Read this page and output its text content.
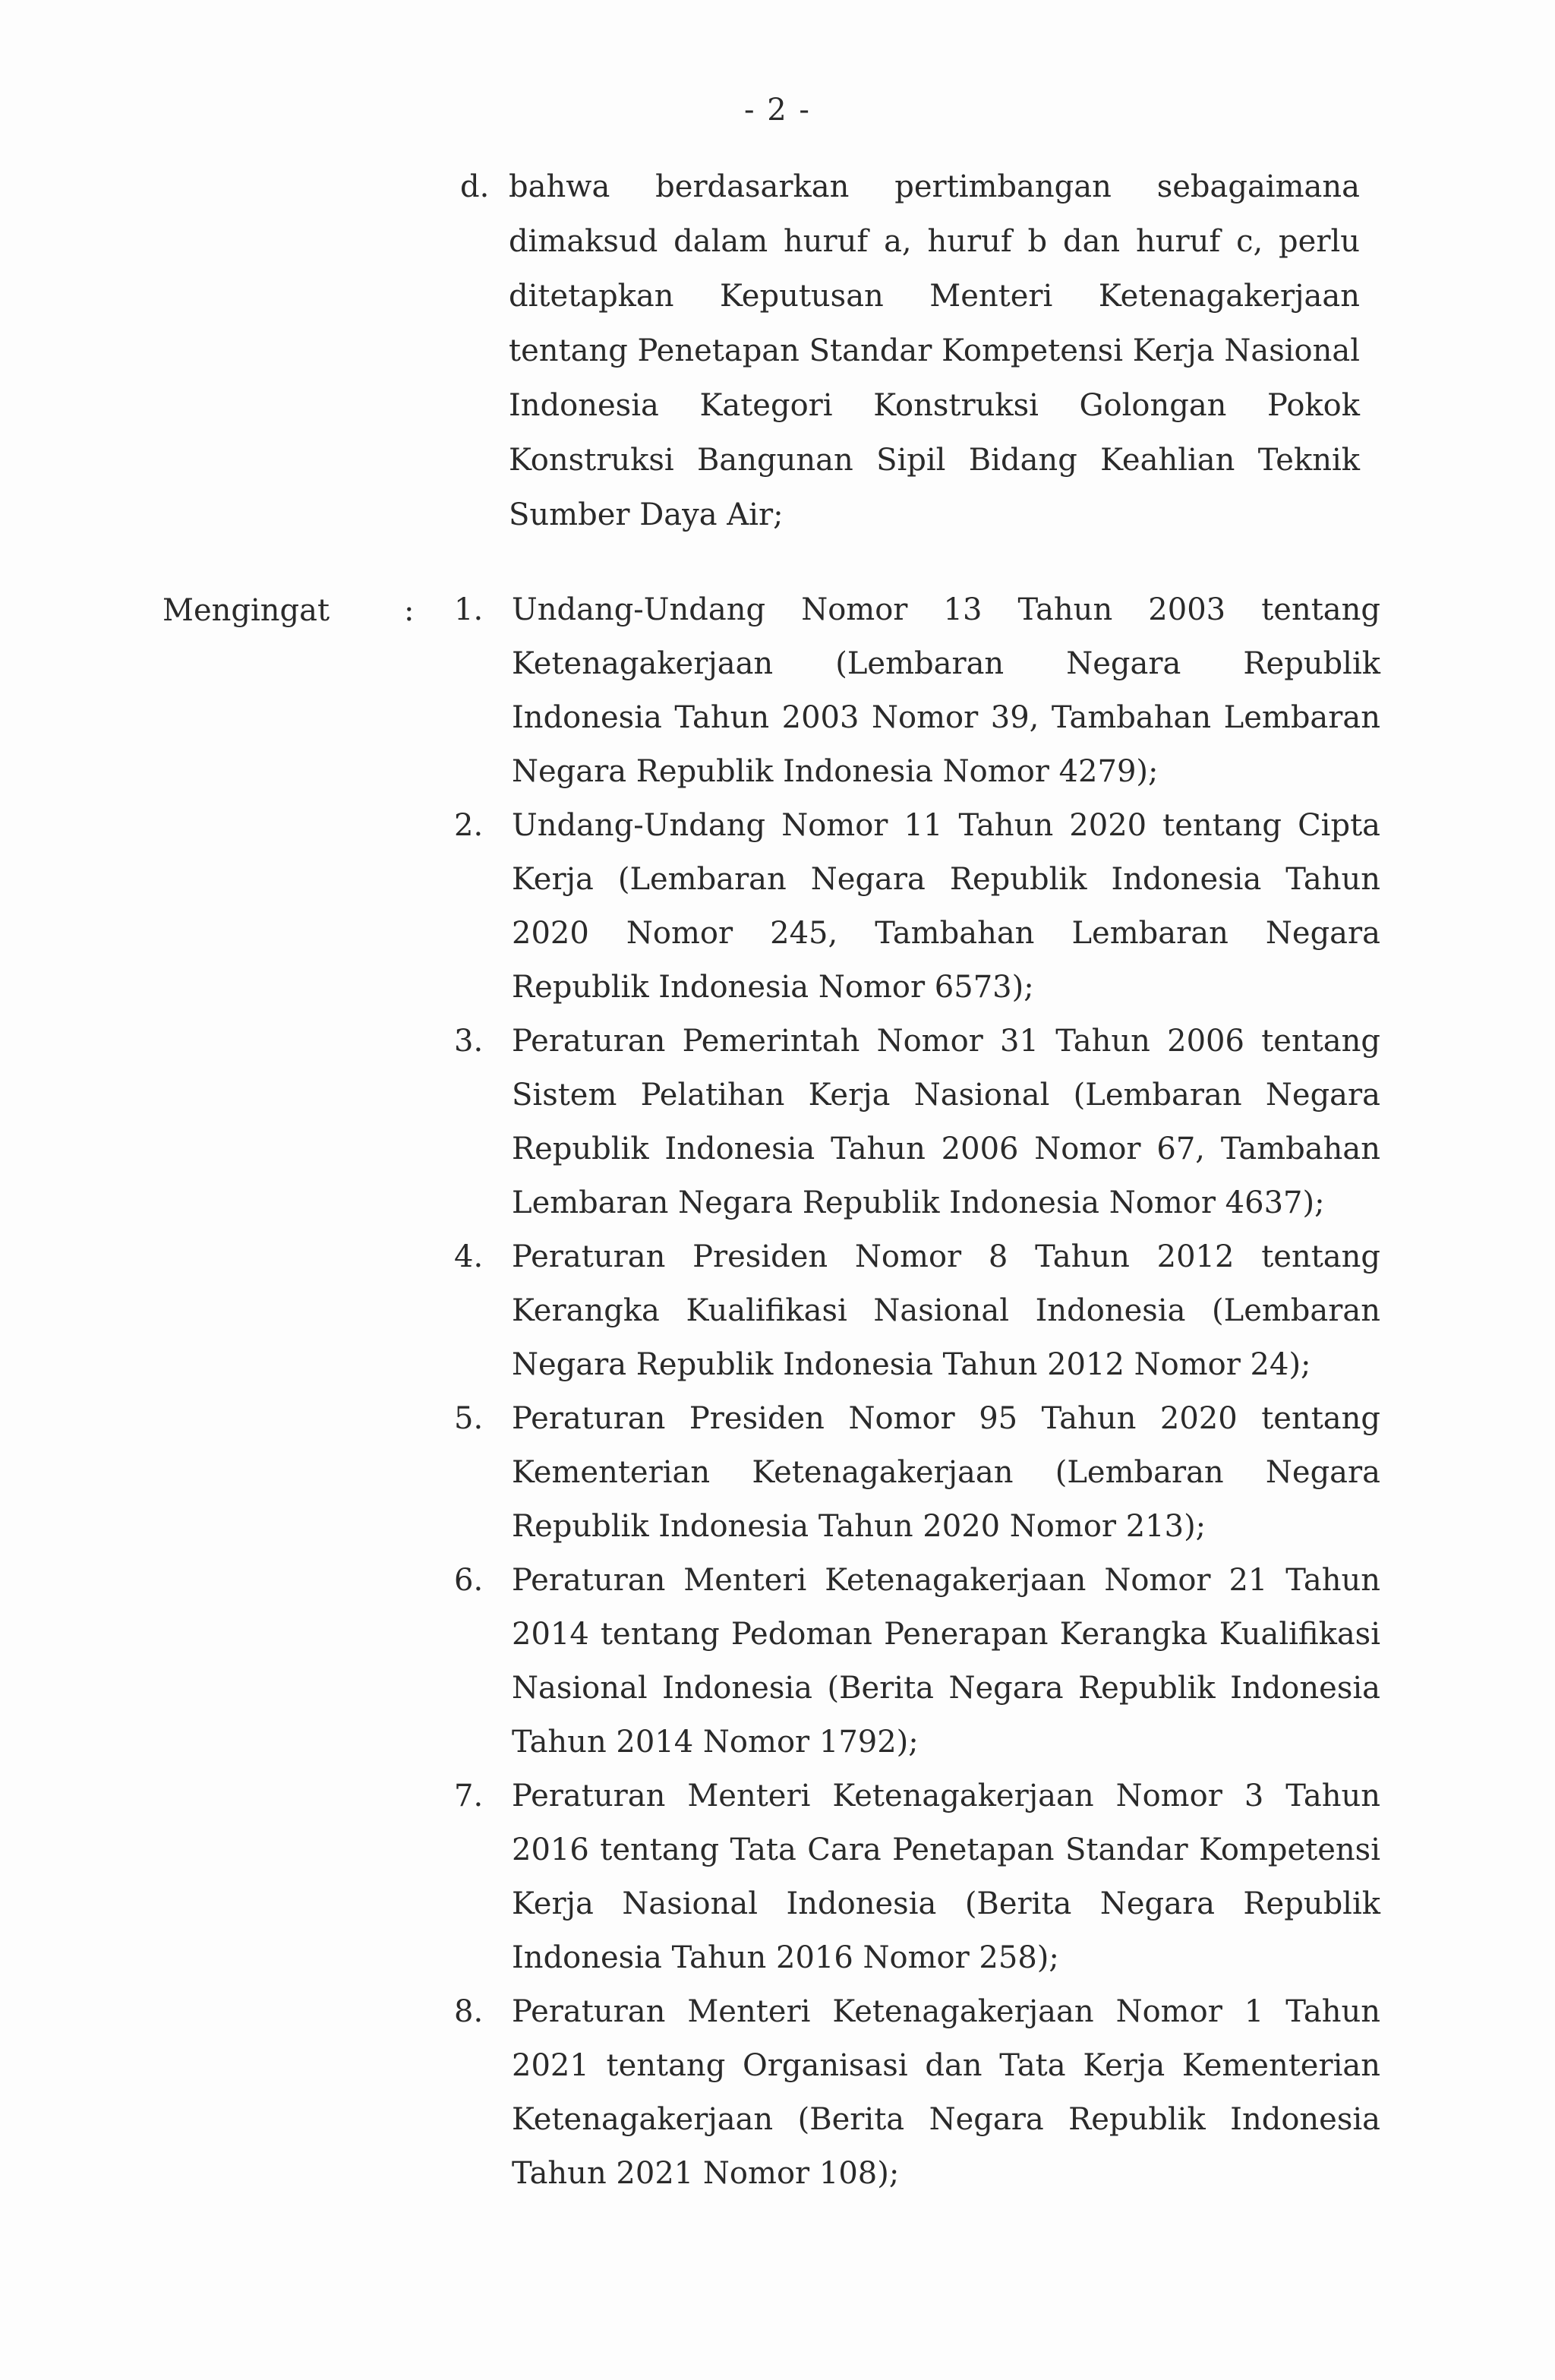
- 2 -
d. bahwa berdasarkan pertimbangan sebagaimana dimaksud dalam huruf a, huruf b dan huruf c, perlu ditetapkan Keputusan Menteri Ketenagakerjaan tentang Penetapan Standar Kompetensi Kerja Nasional Indonesia Kategori Konstruksi Golongan Pokok Konstruksi Bangunan Sipil Bidang Keahlian Teknik Sumber Daya Air;
Mengingat : 1. Undang-Undang Nomor 13 Tahun 2003 tentang Ketenagakerjaan (Lembaran Negara Republik Indonesia Tahun 2003 Nomor 39, Tambahan Lembaran Negara Republik Indonesia Nomor 4279);
2. Undang-Undang Nomor 11 Tahun 2020 tentang Cipta Kerja (Lembaran Negara Republik Indonesia Tahun 2020 Nomor 245, Tambahan Lembaran Negara Republik Indonesia Nomor 6573);
3. Peraturan Pemerintah Nomor 31 Tahun 2006 tentang Sistem Pelatihan Kerja Nasional (Lembaran Negara Republik Indonesia Tahun 2006 Nomor 67, Tambahan Lembaran Negara Republik Indonesia Nomor 4637);
4. Peraturan Presiden Nomor 8 Tahun 2012 tentang Kerangka Kualifikasi Nasional Indonesia (Lembaran Negara Republik Indonesia Tahun 2012 Nomor 24);
5. Peraturan Presiden Nomor 95 Tahun 2020 tentang Kementerian Ketenagakerjaan (Lembaran Negara Republik Indonesia Tahun 2020 Nomor 213);
6. Peraturan Menteri Ketenagakerjaan Nomor 21 Tahun 2014 tentang Pedoman Penerapan Kerangka Kualifikasi Nasional Indonesia (Berita Negara Republik Indonesia Tahun 2014 Nomor 1792);
7. Peraturan Menteri Ketenagakerjaan Nomor 3 Tahun 2016 tentang Tata Cara Penetapan Standar Kompetensi Kerja Nasional Indonesia (Berita Negara Republik Indonesia Tahun 2016 Nomor 258);
8. Peraturan Menteri Ketenagakerjaan Nomor 1 Tahun 2021 tentang Organisasi dan Tata Kerja Kementerian Ketenagakerjaan (Berita Negara Republik Indonesia Tahun 2021 Nomor 108);
